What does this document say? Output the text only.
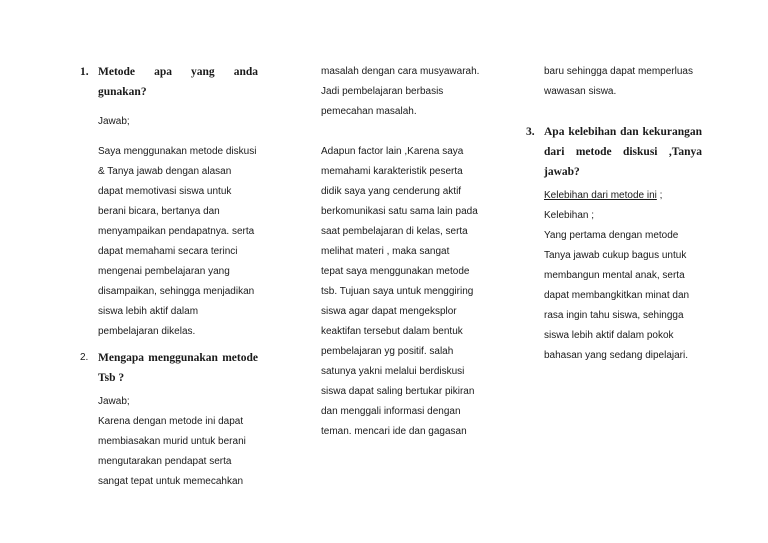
1. Metode apa yang anda gunakan?
Jawab;
Saya menggunakan metode diskusi
& Tanya jawab dengan alasan
dapat memotivasi siswa untuk
berani bicara, bertanya dan
menyampaikan pendapatnya. serta
dapat memahami secara terinci
mengenai pembelajaran yang
disampaikan, sehingga menjadikan
siswa lebih aktif dalam
pembelajaran dikelas.
2. Mengapa menggunakan metode Tsb ?
Jawab;
Karena dengan metode ini dapat
membiasakan murid untuk berani
mengutarakan pendapat serta
sangat tepat untuk memecahkan
masalah dengan cara musyawarah.
Jadi pembelajaran berbasis
pemecahan masalah.
Adapun factor lain ,Karena saya
memahami karakteristik peserta
didik saya yang cenderung aktif
berkomunikasi satu sama lain pada
saat pembelajaran di kelas, serta
melihat materi , maka sangat
tepat saya menggunakan metode
tsb. Tujuan saya untuk menggiring
siswa agar dapat mengeksplor
keaktifan tersebut dalam bentuk
pembelajaran yg positif. salah
satunya yakni melalui berdiskusi
siswa dapat saling bertukar pikiran
dan menggali informasi dengan
teman. mencari ide dan gagasan
baru sehingga dapat memperluas
wawasan siswa.
3. Apa kelebihan dan kekurangan dari metode diskusi ,Tanya jawab?
Kelebihan dari metode ini ;
Kelebihan ;
Yang pertama dengan metode
Tanya jawab cukup bagus untuk
membangun mental anak, serta
dapat membangkitkan minat dan
rasa ingin tahu siswa, sehingga
siswa lebih aktif dalam pokok
bahasan yang sedang dipelajari.
